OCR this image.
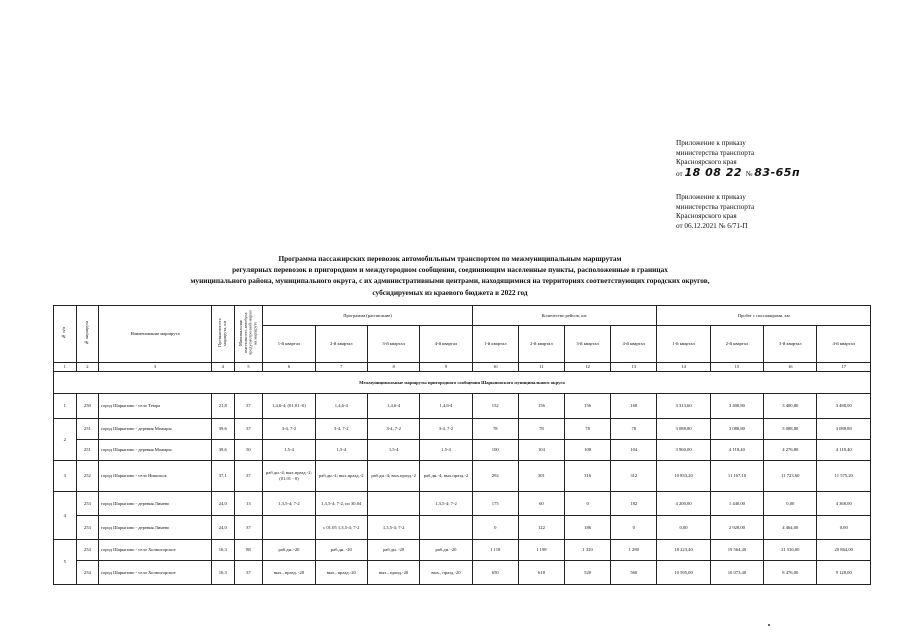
Приложение к приказу
министерства транспорта
Красноярского края
от 18 08 22 № 83-65п
Приложение к приказу
министерства транспорта
Красноярского края
от 06.12.2021 № 6/71-П
Программа пассажирских перевозок автомобильным транспортом по межмуниципальным маршрутам
регулярных перевозок в пригородном и междугородном сообщении, соединяющим населенные пункты, расположенные в границах
муниципального района, муниципального округа, с их административными центрами, находящимися на территориях соответствующих городских округов,
субсидируемых из краевого бюджета в 2022 год
№ п/п	№ маршрута	Наименование маршрута	Протяженность маршрута, км	Минимальная вместимость автобуса предусмотренной марки на маршруте	Программа (расписание)				Количество рейсов, шт.				Пробег с пассажирами, км			
					1-й квартал	2-й квартал	3-й квартал	4-й квартал	1-й квартал	2-й квартал	3-й квартал	4-й квартал	1-й квартал	2-й квартал	3-й квартал	4-й квартал
1	2	3	4	5	6	7	8	9	10	11	12	13	14	15	16	17
Межмуниципальные маршруты пригородного сообщения Шарыповского муниципального округа																
1	250	город Шарыпово - село Темра	21,8	37	1,4,6-4; (01.01.-0)	1,4,6-4	1,4,6-4	1,4,6-4	152	156	156	160	3 313,60	3 400,80	3 400,80	3 488,00
2	251	город Шарыпово - деревня Можары	39,6	37	3-4, 7-2	3-4, 7-2	3-4, 7-2	3-4, 7-2	78	78	78	78	3 088,80	3 088,80	3 088,80	3 088,80
	251	город Шарыпово - деревня Можары	39,6	50	1,5-4	1,5-4	1,5-4	1,5-4	100	104	108	104	3 960,00	4 118,40	4 276,80	4 118,40
3	252	город Шарыпово - село Никольск	37,1	37	раб.дн.-4; вых.празд.-2; (01.01 - 0)	раб.дн.-4; вых.празд.-2	раб.дн.-4; вых.празд.-2	раб.дн.-4; вых.празд.-2	292	301	316	312	10 833,20	11 167,10	11 723,60	11 575,20
4	253	город Шарыпово - деревня Линево	24,0	13	1,3,5-4; 7-2	1,3,5-4; 7-2, по 30.04		1,3,5-4; 7-2	175	60	0	182	4 200,00	1 440,00	0,00	4 368,00
	253	город Шарыпово - деревня Линево	24,0	37		с 01.05 1,3,5-4; 7-2	1,3,5-4; 7-2		0	122	186	0	0,00	2 928,00	4 464,00	0,00
5	254	город Шарыпово - село Холмогорское	16,3	88	раб.дн. -20	раб.дн. -20	раб.дн. -20	раб.дн. -20	1 118	1 198	1 320	1 280	18 223,40	19 564,40	21 516,00	20 864,00
	254	город Шарыпово - село Холмогорское	16,3	37	вых., празд. -20	вых., празд.-20	вых., празд.-20	вых., празд.-20	650	618	520	560	10 595,00	10 073,40	8 476,00	9 128,00
